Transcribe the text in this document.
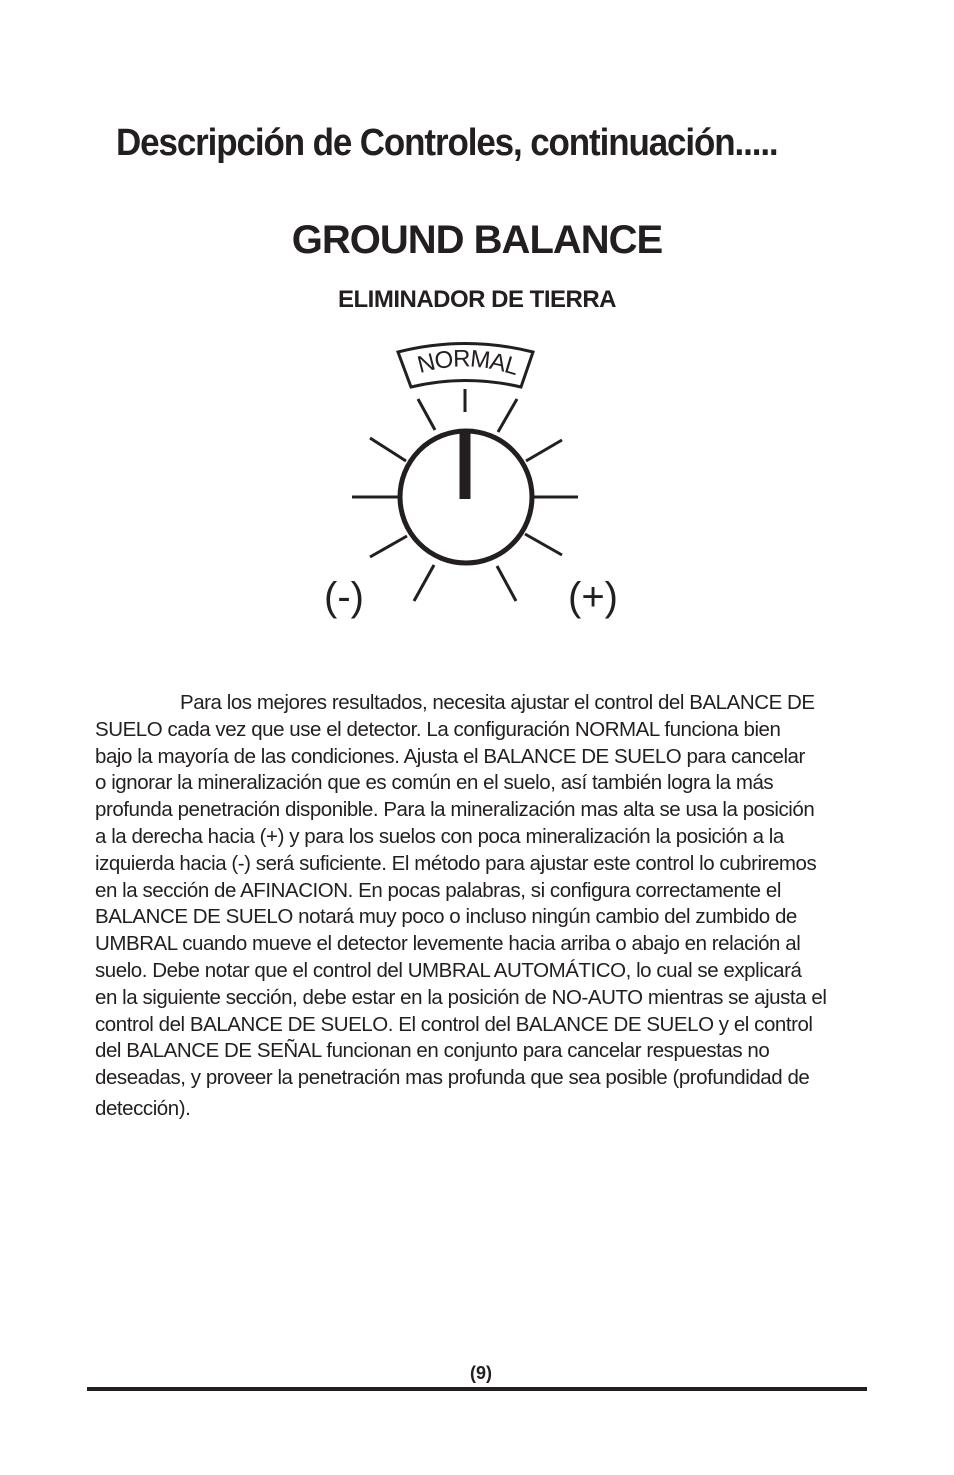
Descripción de Controles, continuación.....
GROUND BALANCE
ELIMINADOR DE TIERRA
NORMAL
(-)	(+)
Para los mejores resultados, necesita ajustar el control del BALANCE DE
SUELO cada vez que use el detector. La configuración NORMAL funciona bien
bajo la mayoría de las condiciones. Ajusta el BALANCE DE SUELO para cancelar
o ignorar la mineralización que es común en el suelo, así también logra la más
profunda penetración disponible. Para la mineralización mas alta se usa la posición
a la derecha hacia (+) y para los suelos con poca mineralización la posición a la
izquierda hacia (-) será suficiente. El método para ajustar este control lo cubriremos
en la sección de AFINACION. En pocas palabras, si configura correctamente el
BALANCE DE SUELO notará muy poco o incluso ningún cambio del zumbido de
UMBRAL cuando mueve el detector levemente hacia arriba o abajo en relación al
suelo. Debe notar que el control del UMBRAL AUTOMÁTICO, lo cual se explicará
en la siguiente sección, debe estar en la posición de NO-AUTO mientras se ajusta el
control del BALANCE DE SUELO. El control del BALANCE DE SUELO y el control
del BALANCE DE SEÑAL funcionan en conjunto para cancelar respuestas no
deseadas, y proveer la penetración mas profunda que sea posible (profundidad de
detección).
(9)
